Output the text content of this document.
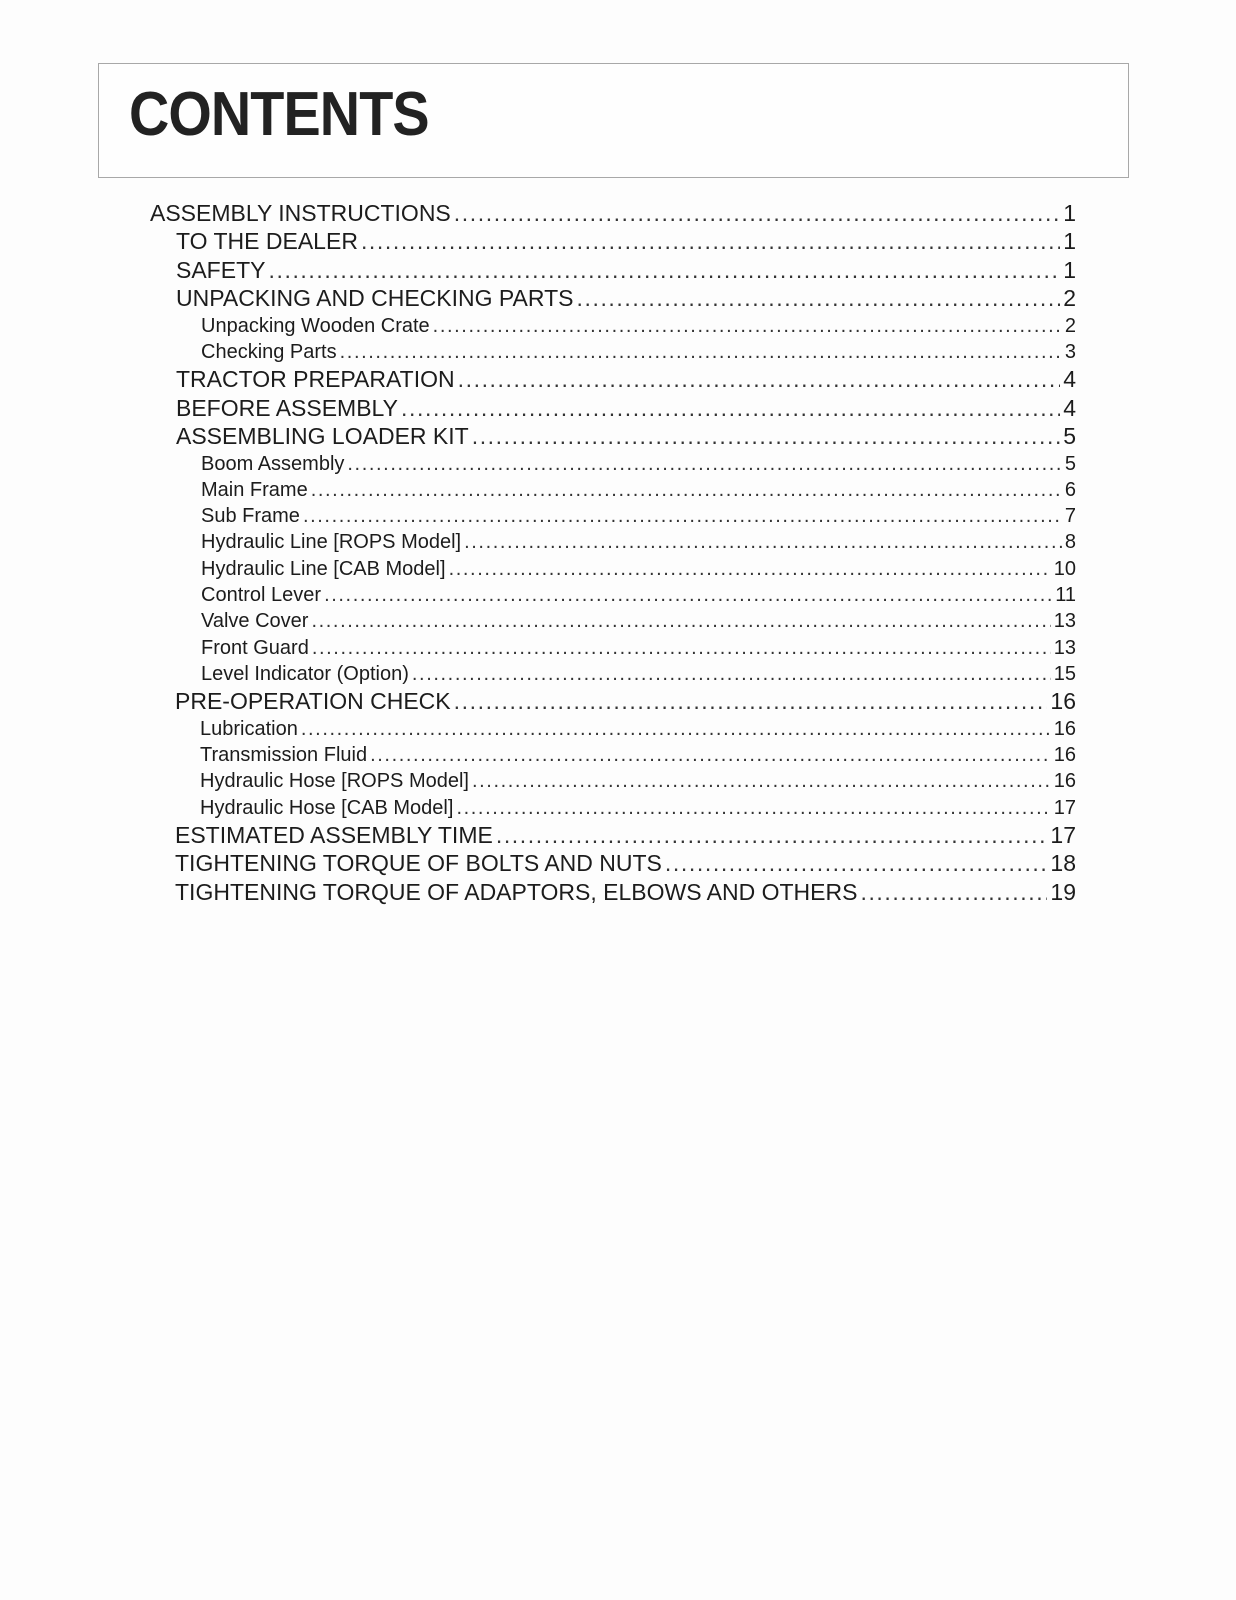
CONTENTS
ASSEMBLY INSTRUCTIONS .....	1
TO THE DEALER .....	1
SAFETY .....	1
UNPACKING AND CHECKING PARTS .....	2
Unpacking Wooden Crate .....	2
Checking Parts .....	3
TRACTOR PREPARATION .....	4
BEFORE ASSEMBLY .....	4
ASSEMBLING LOADER KIT .....	5
Boom Assembly .....	5
Main Frame .....	6
Sub Frame .....	7
Hydraulic Line [ROPS Model] .....	8
Hydraulic Line [CAB Model] .....	10
Control Lever .....	11
Valve Cover .....	13
Front Guard .....	13
Level Indicator (Option) .....	15
PRE-OPERATION CHECK .....	16
Lubrication .....	16
Transmission Fluid .....	16
Hydraulic Hose [ROPS Model] .....	16
Hydraulic Hose [CAB Model] .....	17
ESTIMATED ASSEMBLY TIME .....	17
TIGHTENING TORQUE OF BOLTS AND NUTS .....	18
TIGHTENING TORQUE OF ADAPTORS, ELBOWS AND OTHERS .....	19
